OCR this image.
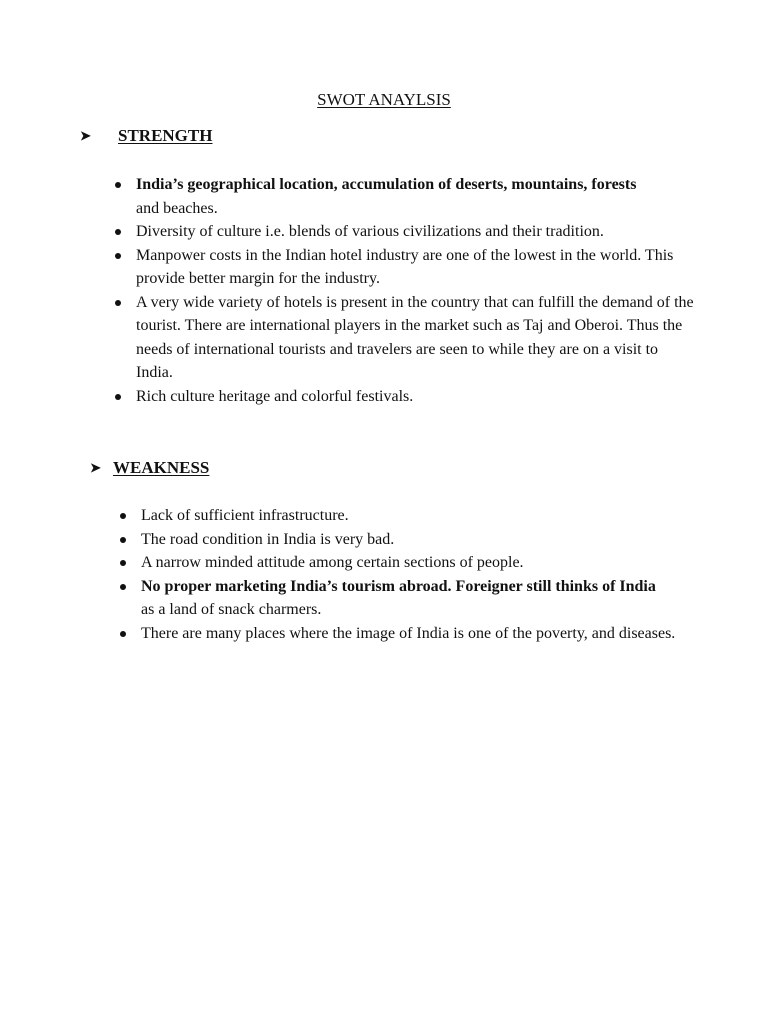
SWOT ANAYLSIS
➤	STRENGTH
India’s geographical location, accumulation of deserts, mountains, forests
and beaches.
Diversity of culture i.e. blends of various civilizations and their tradition.
Manpower costs in the Indian hotel industry are one of the lowest in the world. This provide better margin for the industry.
A very wide variety of hotels is present in the country that can fulfill the demand of the tourist. There are international players in the market such as Taj and Oberoi. Thus the needs of international tourists and travelers are seen to while they are on a visit to India.
Rich culture heritage and colorful festivals.
➤ WEAKNESS
Lack of sufficient infrastructure.
The road condition in India is very bad.
A narrow minded attitude among certain sections of people.
No proper marketing India’s tourism abroad. Foreigner still thinks of India
as a land of snack charmers.
There are many places where the image of India is one of the poverty, and diseases.
